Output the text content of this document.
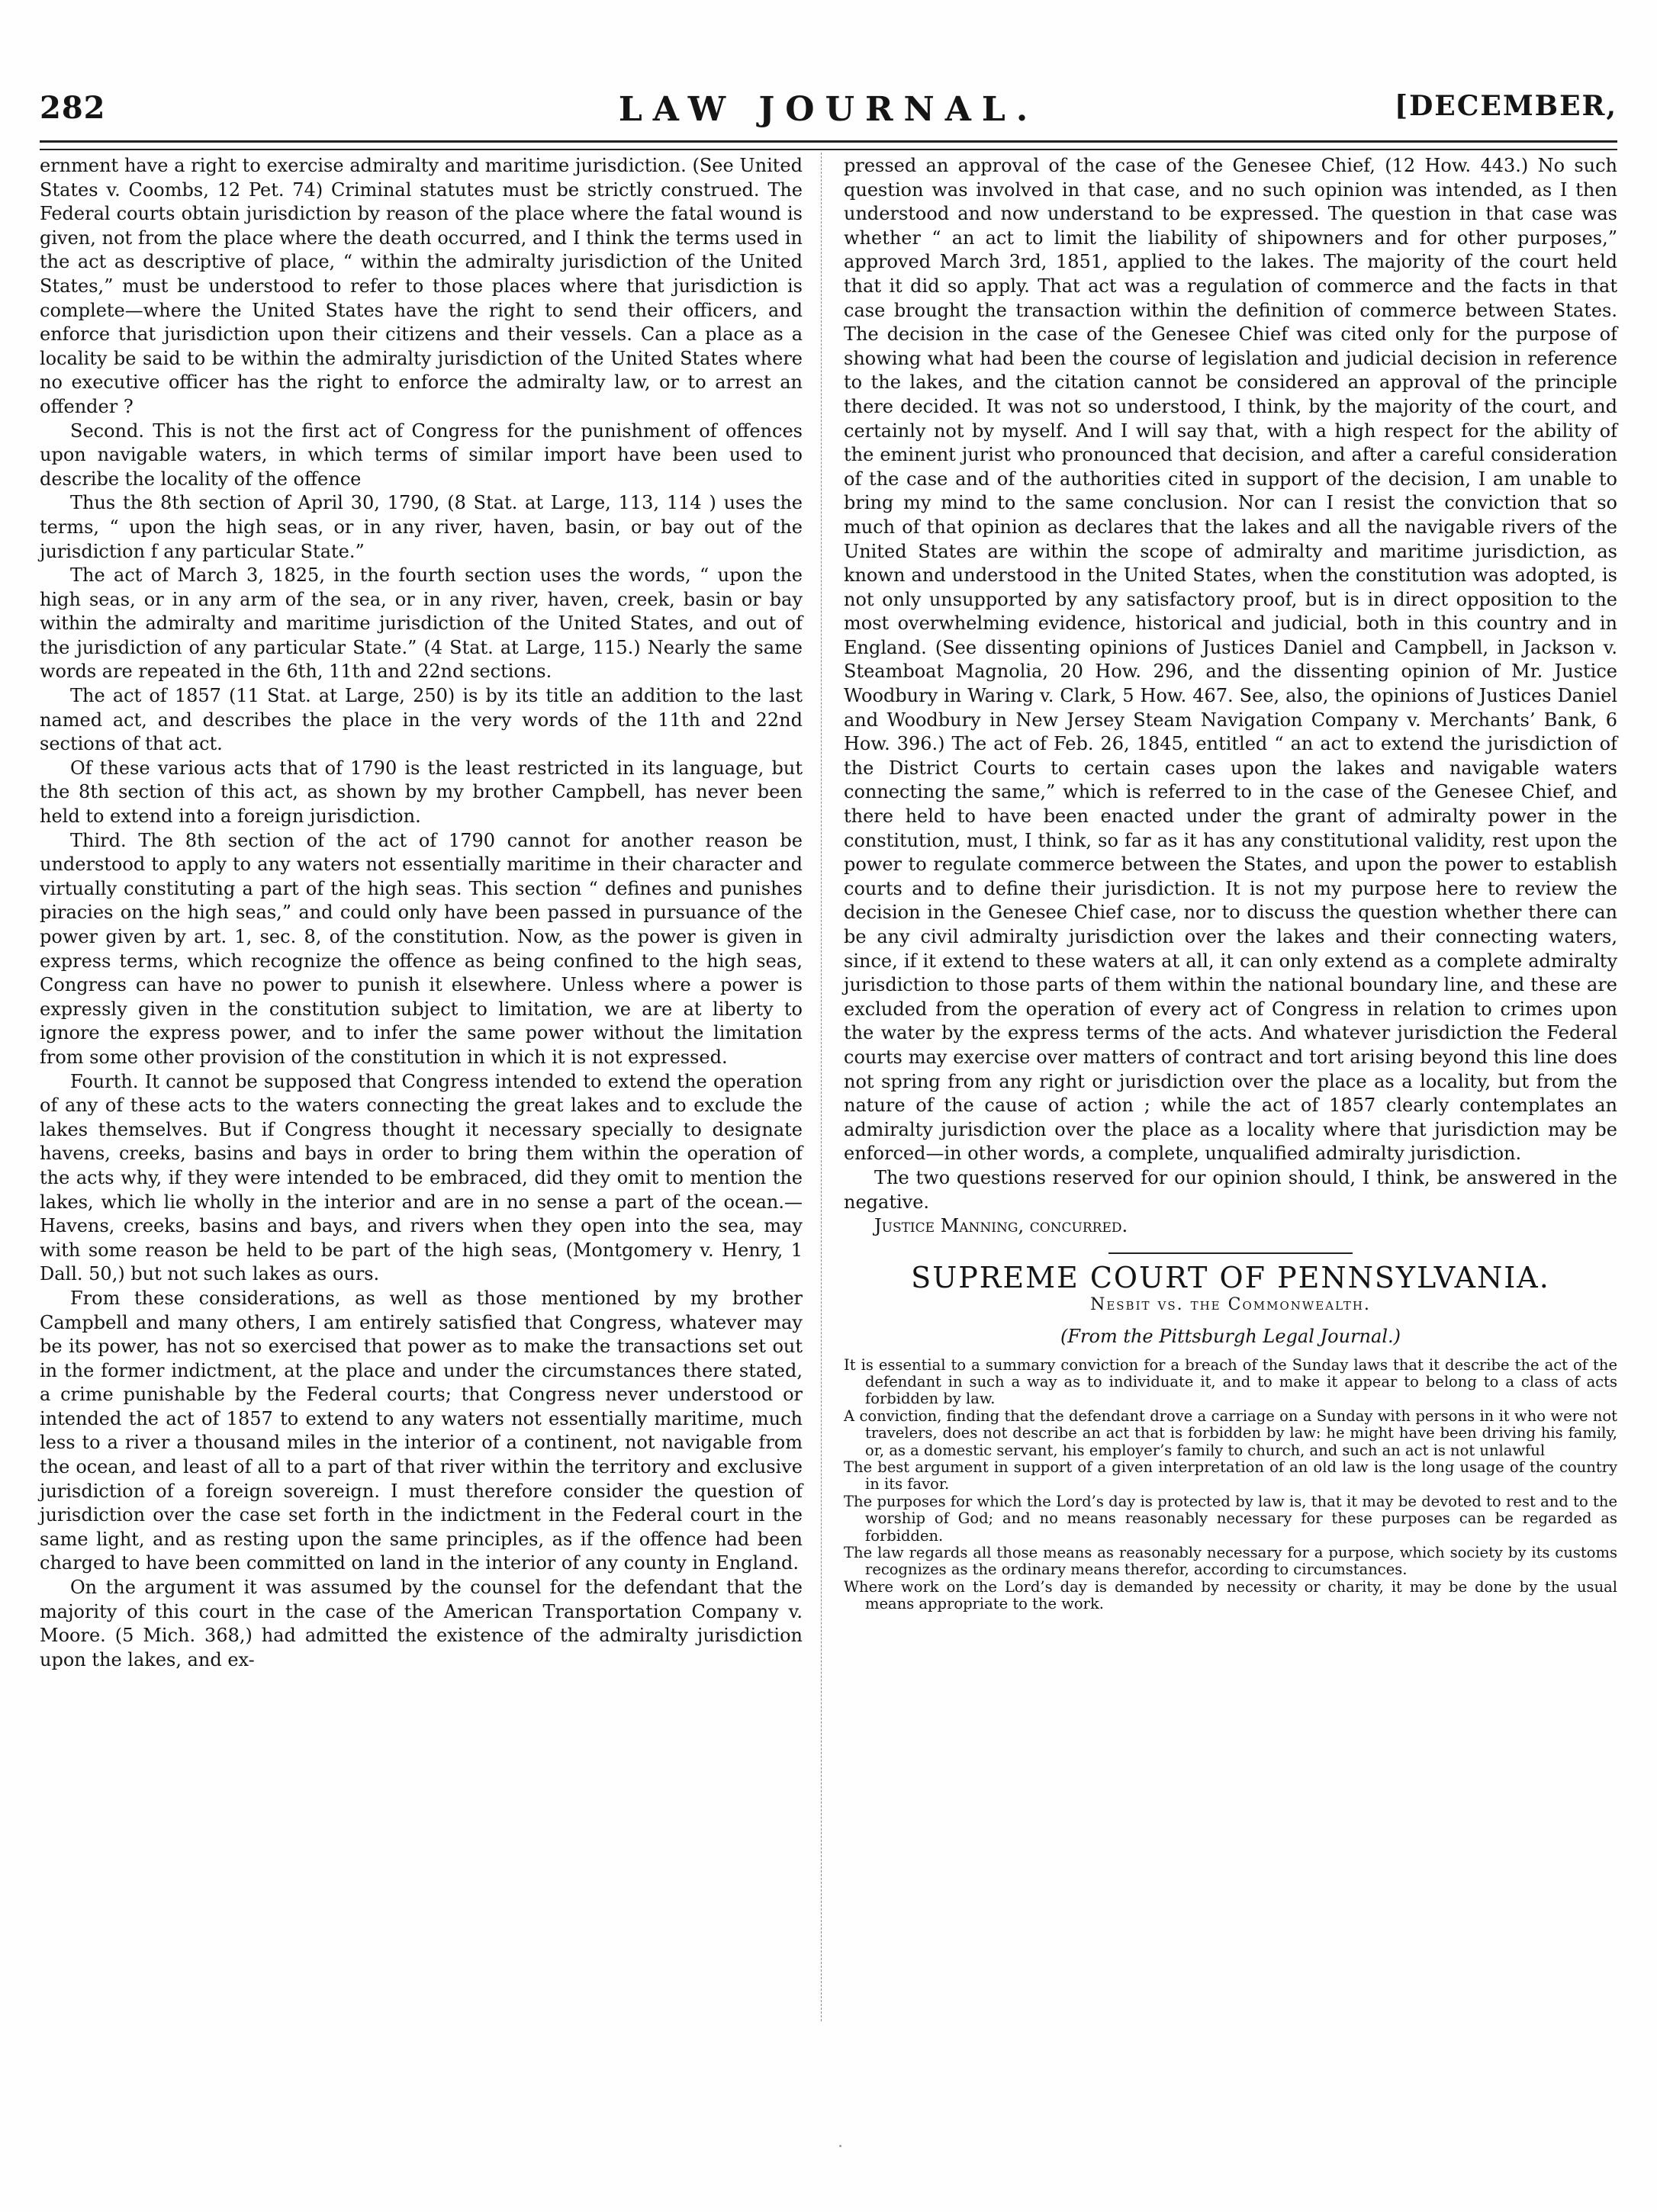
282	LAW JOURNAL.	[DECEMBER,

ernment have a right to exercise admiralty and maritime jurisdiction. (See United States v. Coombs, 12 Pet. 74) Criminal statutes must be strictly construed. The Federal courts obtain jurisdiction by reason of the place where the fatal wound is given, not from the place where the death occurred, and I think the terms used in the act as descriptive of place, “ within the admiralty jurisdiction of the United States,” must be understood to refer to those places where that jurisdiction is complete—where the United States have the right to send their officers, and enforce that jurisdiction upon their citizens and their vessels. Can a place as a locality be said to be within the admiralty jurisdiction of the United States where no executive officer has the right to enforce the admiralty law, or to arrest an offender ?

Second. This is not the first act of Congress for the punishment of offences upon navigable waters, in which terms of similar import have been used to describe the locality of the offence

Thus the 8th section of April 30, 1790, (8 Stat. at Large, 113, 114 ) uses the terms, “ upon the high seas, or in any river, haven, basin, or bay out of the jurisdiction f any particular State.”

The act of March 3, 1825, in the fourth section uses the words, “ upon the high seas, or in any arm of the sea, or in any river, haven, creek, basin or bay within the admiralty and maritime jurisdiction of the United States, and out of the jurisdiction of any particular State.” (4 Stat. at Large, 115.) Nearly the same words are repeated in the 6th, 11th and 22nd sections.

The act of 1857 (11 Stat. at Large, 250) is by its title an addition to the last named act, and describes the place in the very words of the 11th and 22nd sections of that act.

Of these various acts that of 1790 is the least restricted in its language, but the 8th section of this act, as shown by my brother Campbell, has never been held to extend into a foreign jurisdiction.

Third. The 8th section of the act of 1790 cannot for another reason be understood to apply to any waters not essentially maritime in their character and virtually constituting a part of the high seas. This section “ defines and punishes piracies on the high seas,” and could only have been passed in pursuance of the power given by art. 1, sec. 8, of the constitution. Now, as the power is given in express terms, which recognize the offence as being confined to the high seas, Congress can have no power to punish it elsewhere. Unless where a power is expressly given in the constitution subject to limitation, we are at liberty to ignore the express power, and to infer the same power without the limitation from some other provision of the constitution in which it is not expressed.

Fourth. It cannot be supposed that Congress intended to extend the operation of any of these acts to the waters connecting the great lakes and to exclude the lakes themselves. But if Congress thought it necessary specially to designate havens, creeks, basins and bays in order to bring them within the operation of the acts why, if they were intended to be embraced, did they omit to mention the lakes, which lie wholly in the interior and are in no sense a part of the ocean.—Havens, creeks, basins and bays, and rivers when they open into the sea, may with some reason be held to be part of the high seas, (Montgomery v. Henry, 1 Dall. 50,) but not such lakes as ours.

From these considerations, as well as those mentioned by my brother Campbell and many others, I am entirely satisfied that Congress, whatever may be its power, has not so exercised that power as to make the transactions set out in the former indictment, at the place and under the circumstances there stated, a crime punishable by the Federal courts; that Congress never understood or intended the act of 1857 to extend to any waters not essentially maritime, much less to a river a thousand miles in the interior of a continent, not navigable from the ocean, and least of all to a part of that river within the territory and exclusive jurisdiction of a foreign sovereign. I must therefore consider the question of jurisdiction over the case set forth in the indictment in the Federal court in the same light, and as resting upon the same principles, as if the offence had been charged to have been committed on land in the interior of any county in England.

On the argument it was assumed by the counsel for the defendant that the majority of this court in the case of the American Transportation Company v. Moore. (5 Mich. 368,) had admitted the existence of the admiralty jurisdiction upon the lakes, and ex-

pressed an approval of the case of the Genesee Chief, (12 How. 443.) No such question was involved in that case, and no such opinion was intended, as I then understood and now understand to be expressed. The question in that case was whether “ an act to limit the liability of shipowners and for other purposes,” approved March 3rd, 1851, applied to the lakes. The majority of the court held that it did so apply. That act was a regulation of commerce and the facts in that case brought the transaction within the definition of commerce between States. The decision in the case of the Genesee Chief was cited only for the purpose of showing what had been the course of legislation and judicial decision in reference to the lakes, and the citation cannot be considered an approval of the principle there decided. It was not so understood, I think, by the majority of the court, and certainly not by myself. And I will say that, with a high respect for the ability of the eminent jurist who pronounced that decision, and after a careful consideration of the case and of the authorities cited in support of the decision, I am unable to bring my mind to the same conclusion. Nor can I resist the conviction that so much of that opinion as declares that the lakes and all the navigable rivers of the United States are within the scope of admiralty and maritime jurisdiction, as known and understood in the United States, when the constitution was adopted, is not only unsupported by any satisfactory proof, but is in direct opposition to the most overwhelming evidence, historical and judicial, both in this country and in England. (See dissenting opinions of Justices Daniel and Campbell, in Jackson v. Steamboat Magnolia, 20 How. 296, and the dissenting opinion of Mr. Justice Woodbury in Waring v. Clark, 5 How. 467. See, also, the opinions of Justices Daniel and Woodbury in New Jersey Steam Navigation Company v. Merchants’ Bank, 6 How. 396.) The act of Feb. 26, 1845, entitled “ an act to extend the jurisdiction of the District Courts to certain cases upon the lakes and navigable waters connecting the same,” which is referred to in the case of the Genesee Chief, and there held to have been enacted under the grant of admiralty power in the constitution, must, I think, so far as it has any constitutional validity, rest upon the power to regulate commerce between the States, and upon the power to establish courts and to define their jurisdiction. It is not my purpose here to review the decision in the Genesee Chief case, nor to discuss the question whether there can be any civil admiralty jurisdiction over the lakes and their connecting waters, since, if it extend to these waters at all, it can only extend as a complete admiralty jurisdiction to those parts of them within the national boundary line, and these are excluded from the operation of every act of Congress in relation to crimes upon the water by the express terms of the acts. And whatever jurisdiction the Federal courts may exercise over matters of contract and tort arising beyond this line does not spring from any right or jurisdiction over the place as a locality, but from the nature of the cause of action ; while the act of 1857 clearly contemplates an admiralty jurisdiction over the place as a locality where that jurisdiction may be enforced—in other words, a complete, unqualified admiralty jurisdiction.

The two questions reserved for our opinion should, I think, be answered in the negative.

Justice Manning, concurred.

SUPREME COURT OF PENNSYLVANIA.
Nesbit vs. the Commonwealth.
(From the Pittsburgh Legal Journal.)

It is essential to a summary conviction for a breach of the Sunday laws that it describe the act of the defendant in such a way as to individuate it, and to make it appear to belong to a class of acts forbidden by law.

A conviction, finding that the defendant drove a carriage on a Sunday with persons in it who were not travelers, does not describe an act that is forbidden by law: he might have been driving his family, or, as a domestic servant, his employer’s family to church, and such an act is not unlawful

The best argument in support of a given interpretation of an old law is the long usage of the country in its favor.

The purposes for which the Lord’s day is protected by law is, that it may be devoted to rest and to the worship of God; and no means reasonably necessary for these purposes can be regarded as forbidden.

The law regards all those means as reasonably necessary for a purpose, which society by its customs recognizes as the ordinary means therefor, according to circumstances.

Where work on the Lord’s day is demanded by necessity or charity, it may be done by the usual means appropriate to the work.
